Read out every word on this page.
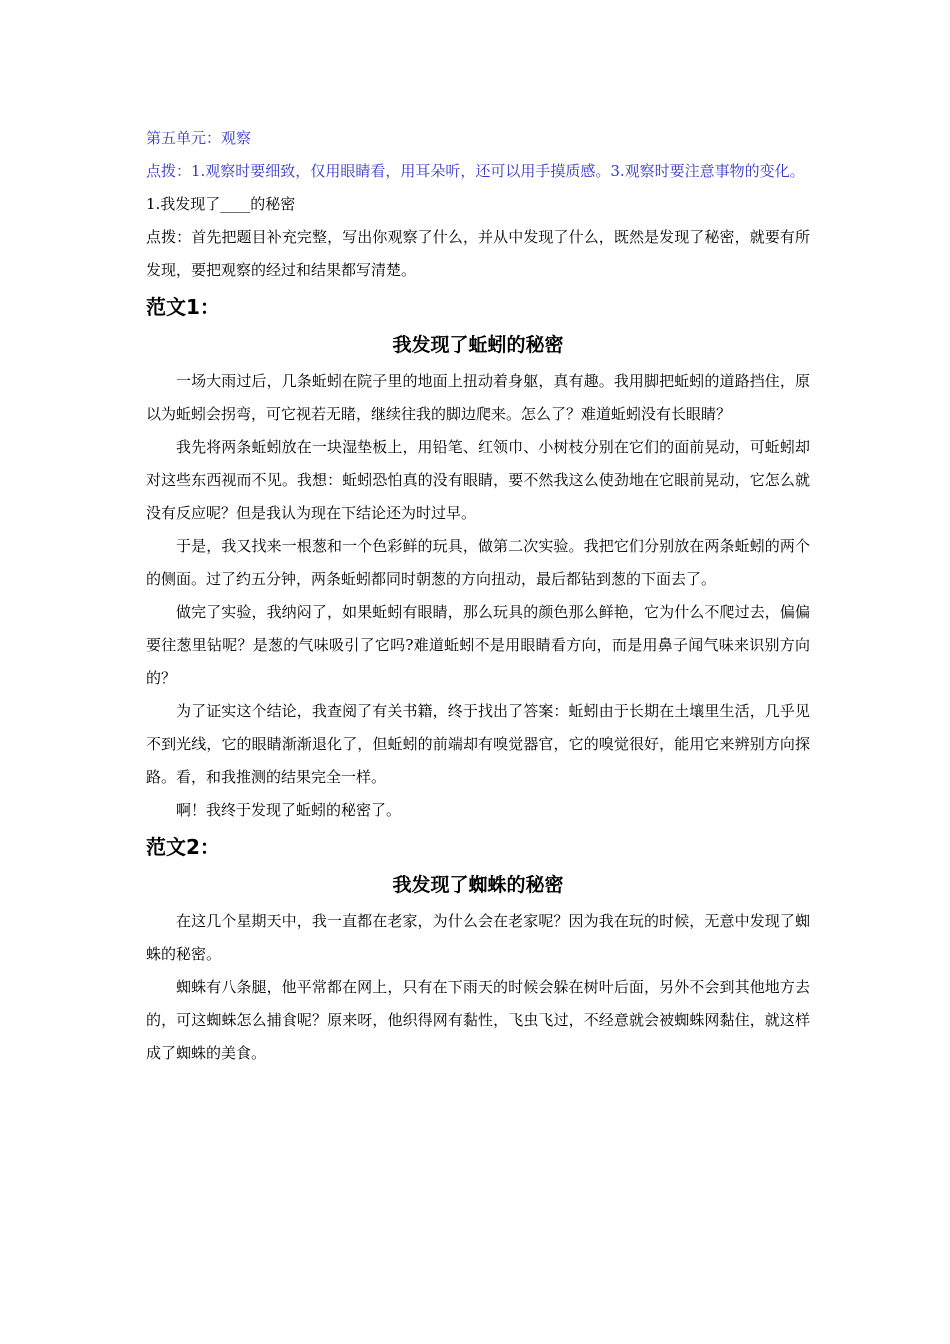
第五单元：观察

点拨：1.观察时要细致，仅用眼睛看，用耳朵听，还可以用手摸质感。3.观察时要注意事物的变化。

1.我发现了____的秘密

点拨：首先把题目补充完整，写出你观察了什么，并从中发现了什么，既然是发现了秘密，就要有所发现，要把观察的经过和结果都写清楚。

范文1：
我发现了蚯蚓的秘密

一场大雨过后，几条蚯蚓在院子里的地面上扭动着身躯，真有趣。我用脚把蚯蚓的道路挡住，原以为蚯蚓会拐弯，可它视若无睹，继续往我的脚边爬来。怎么了？难道蚯蚓没有长眼睛？

我先将两条蚯蚓放在一块湿垫板上，用铅笔、红领巾、小树枝分别在它们的面前晃动，可蚯蚓却对这些东西视而不见。我想：蚯蚓恐怕真的没有眼睛，要不然我这么使劲地在它眼前晃动，它怎么就没有反应呢？但是我认为现在下结论还为时过早。

于是，我又找来一根葱和一个色彩鲜的玩具，做第二次实验。我把它们分别放在两条蚯蚓的两个的侧面。过了约五分钟，两条蚯蚓都同时朝葱的方向扭动，最后都钻到葱的下面去了。

做完了实验，我纳闷了，如果蚯蚓有眼睛，那么玩具的颜色那么鲜艳，它为什么不爬过去，偏偏要往葱里钻呢？是葱的气味吸引了它吗?难道蚯蚓不是用眼睛看方向，而是用鼻子闻气味来识别方向的？

为了证实这个结论，我查阅了有关书籍，终于找出了答案：蚯蚓由于长期在土壤里生活，几乎见不到光线，它的眼睛渐渐退化了，但蚯蚓的前端却有嗅觉器官，它的嗅觉很好，能用它来辨别方向探路。看，和我推测的结果完全一样。

啊！我终于发现了蚯蚓的秘密了。

范文2：
我发现了蜘蛛的秘密

在这几个星期天中，我一直都在老家，为什么会在老家呢？因为我在玩的时候，无意中发现了蜘蛛的秘密。

蜘蛛有八条腿，他平常都在网上，只有在下雨天的时候会躲在树叶后面，另外不会到其他地方去的，可这蜘蛛怎么捕食呢？原来呀，他织得网有黏性，飞虫飞过，不经意就会被蜘蛛网黏住，就这样成了蜘蛛的美食。
